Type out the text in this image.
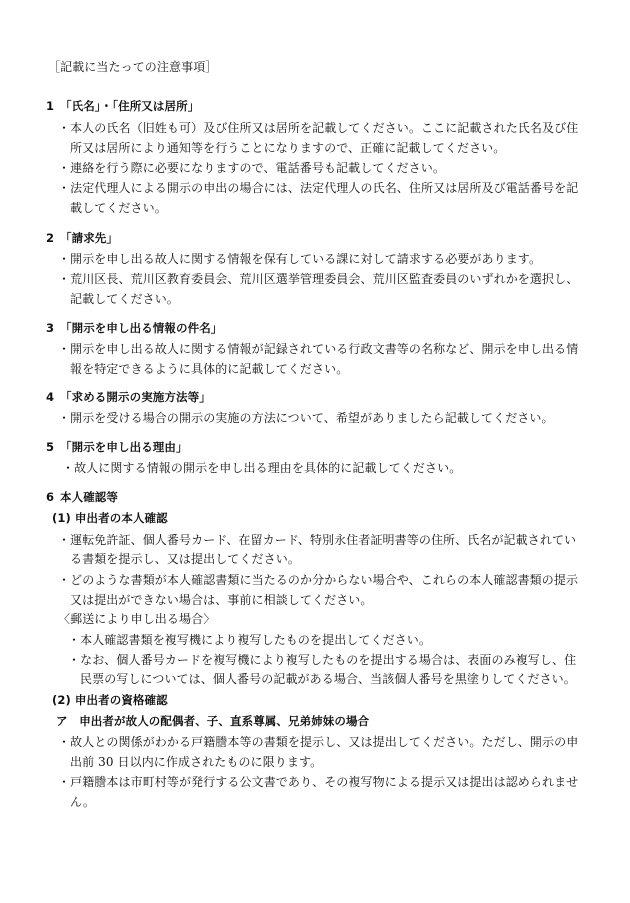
［記載に当たっての注意事項］
1 「氏名」・「住所又は居所」
・本人の氏名（旧姓も可）及び住所又は居所を記載してください。ここに記載された氏名及び住
所又は居所により通知等を行うことになりますので、正確に記載してください。
・連絡を行う際に必要になりますので、電話番号も記載してください。
・法定代理人による開示の申出の場合には、法定代理人の氏名、住所又は居所及び電話番号を記
載してください。
2 「請求先」
・開示を申し出る故人に関する情報を保有している課に対して請求する必要があります。
・荒川区長、荒川区教育委員会、荒川区選挙管理委員会、荒川区監査委員のいずれかを選択し、
記載してください。
3 「開示を申し出る情報の件名」
・開示を申し出る故人に関する情報が記録されている行政文書等の名称など、開示を申し出る情
報を特定できるように具体的に記載してください。
4 「求める開示の実施方法等」
・開示を受ける場合の開示の実施の方法について、希望がありましたら記載してください。
5 「開示を申し出る理由」
・故人に関する情報の開示を申し出る理由を具体的に記載してください。
6 本人確認等
(1) 申出者の本人確認
・運転免許証、個人番号カード、在留カード、特別永住者証明書等の住所、氏名が記載されてい
る書類を提示し、又は提出してください。
・どのような書類が本人確認書類に当たるのか分からない場合や、これらの本人確認書類の提示
又は提出ができない場合は、事前に相談してください。
〈郵送により申し出る場合〉
・本人確認書類を複写機により複写したものを提出してください。
・なお、個人番号カードを複写機により複写したものを提出する場合は、表面のみ複写し、住
民票の写しについては、個人番号の記載がある場合、当該個人番号を黒塗りしてください。
(2) 申出者の資格確認
ア　申出者が故人の配偶者、子、直系尊属、兄弟姉妹の場合
・故人との関係がわかる戸籍謄本等の書類を提示し、又は提出してください。ただし、開示の申
出前 30 日以内に作成されたものに限ります。
・戸籍謄本は市町村等が発行する公文書であり、その複写物による提示又は提出は認められませ
ん。
